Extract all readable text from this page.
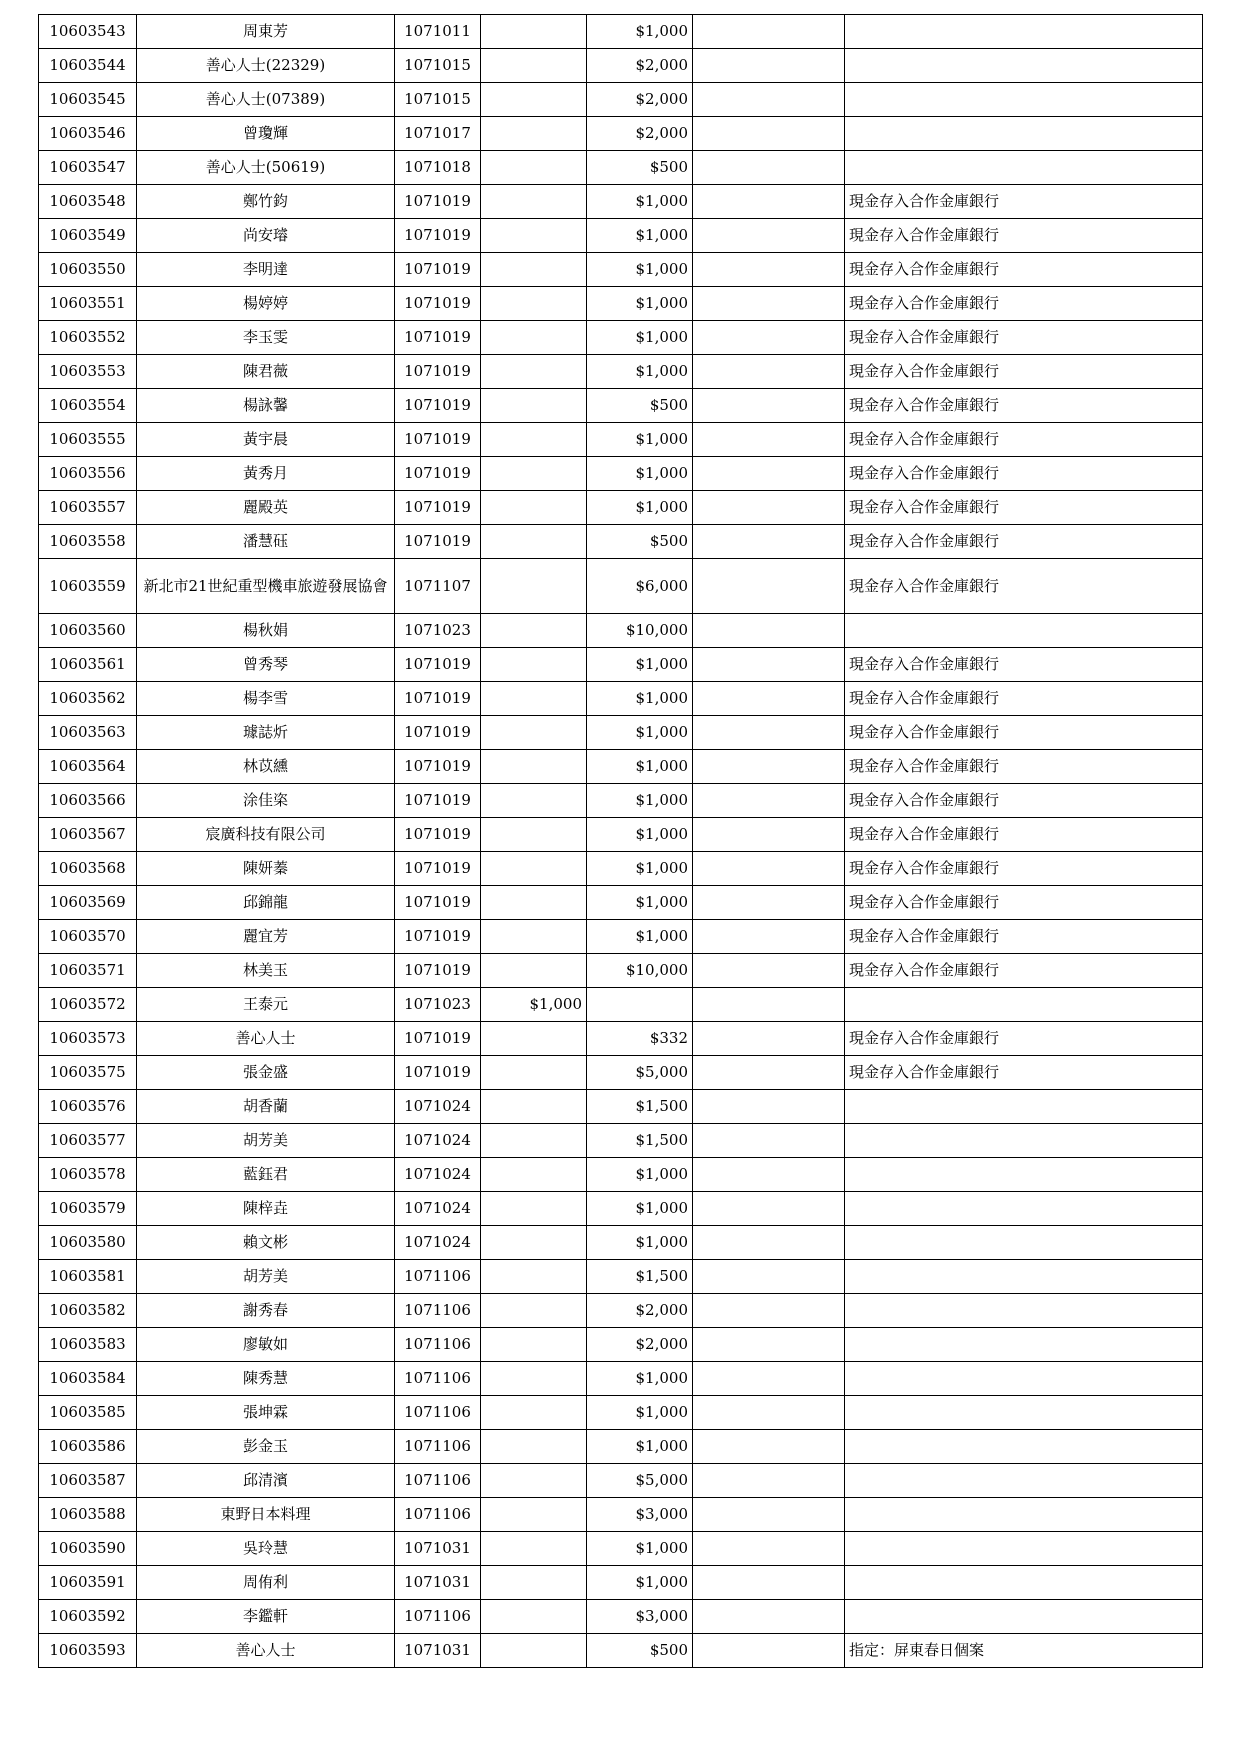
10603543	周東芳	1071011		$1,000		
10603544	善心人士(22329)	1071015		$2,000		
10603545	善心人士(07389)	1071015		$2,000		
10603546	曾瓊輝	1071017		$2,000		
10603547	善心人士(50619)	1071018		$500		
10603548	鄭竹鈞	1071019		$1,000		現金存入合作金庫銀行
10603549	尚安璿	1071019		$1,000		現金存入合作金庫銀行
10603550	李明達	1071019		$1,000		現金存入合作金庫銀行
10603551	楊婷婷	1071019		$1,000		現金存入合作金庫銀行
10603552	李玉雯	1071019		$1,000		現金存入合作金庫銀行
10603553	陳君薇	1071019		$1,000		現金存入合作金庫銀行
10603554	楊詠馨	1071019		$500		現金存入合作金庫銀行
10603555	黃宇晨	1071019		$1,000		現金存入合作金庫銀行
10603556	黃秀月	1071019		$1,000		現金存入合作金庫銀行
10603557	麗殿英	1071019		$1,000		現金存入合作金庫銀行
10603558	潘慧砡	1071019		$500		現金存入合作金庫銀行
10603559	新北市21世紀重型機車旅遊發展協會	1071107		$6,000		現金存入合作金庫銀行
10603560	楊秋娟	1071023		$10,000		
10603561	曾秀琴	1071019		$1,000		現金存入合作金庫銀行
10603562	楊李雪	1071019		$1,000		現金存入合作金庫銀行
10603563	璩誌炘	1071019		$1,000		現金存入合作金庫銀行
10603564	林苡纁	1071019		$1,000		現金存入合作金庫銀行
10603566	涂佳栥	1071019		$1,000		現金存入合作金庫銀行
10603567	宸廣科技有限公司	1071019		$1,000		現金存入合作金庫銀行
10603568	陳妍蓁	1071019		$1,000		現金存入合作金庫銀行
10603569	邱錦龍	1071019		$1,000		現金存入合作金庫銀行
10603570	麗宜芳	1071019		$1,000		現金存入合作金庫銀行
10603571	林美玉	1071019		$10,000		現金存入合作金庫銀行
10603572	王泰元	1071023	$1,000			
10603573	善心人士	1071019		$332		現金存入合作金庫銀行
10603575	張金盛	1071019		$5,000		現金存入合作金庫銀行
10603576	胡香蘭	1071024		$1,500		
10603577	胡芳美	1071024		$1,500		
10603578	藍鈺君	1071024		$1,000		
10603579	陳梓垚	1071024		$1,000		
10603580	賴文彬	1071024		$1,000		
10603581	胡芳美	1071106		$1,500		
10603582	謝秀春	1071106		$2,000		
10603583	廖敏如	1071106		$2,000		
10603584	陳秀慧	1071106		$1,000		
10603585	張坤霖	1071106		$1,000		
10603586	彭金玉	1071106		$1,000		
10603587	邱清濱	1071106		$5,000		
10603588	東野日本料理	1071106		$3,000		
10603590	吳玲慧	1071031		$1,000		
10603591	周侑利	1071031		$1,000		
10603592	李鑑軒	1071106		$3,000		
10603593	善心人士	1071031		$500		指定：屏東春日個案
